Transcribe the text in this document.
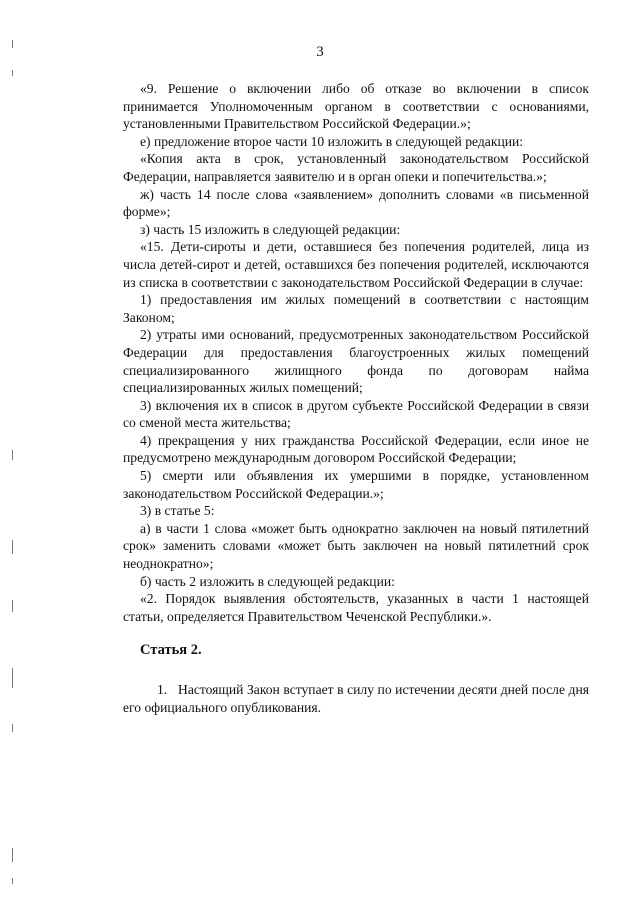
3

«9. Решение о включении либо об отказе во включении в список принимается Уполномоченным органом в соответствии с основаниями, установленными Правительством Российской Федерации.»;

е) предложение второе части 10 изложить в следующей редакции:

«Копия акта в срок, установленный законодательством Российской Федерации, направляется заявителю и в орган опеки и попечительства.»;

ж) часть 14 после слова «заявлением» дополнить словами «в письменной форме»;

з) часть 15 изложить в следующей редакции:

«15. Дети-сироты и дети, оставшиеся без попечения родителей, лица из числа детей-сирот и детей, оставшихся без попечения родителей, исключаются из списка в соответствии с законодательством Российской Федерации в случае:

1) предоставления им жилых помещений в соответствии с настоящим Законом;

2) утраты ими оснований, предусмотренных законодательством Российской Федерации для предоставления благоустроенных жилых помещений специализированного жилищного фонда по договорам найма специализированных жилых помещений;

3) включения их в список в другом субъекте Российской Федерации в связи со сменой места жительства;

4) прекращения у них гражданства Российской Федерации, если иное не предусмотрено международным договором Российской Федерации;

5) смерти или объявления их умершими в порядке, установленном законодательством Российской Федерации.»;

3) в статье 5:

а) в части 1 слова «может быть однократно заключен на новый пятилетний срок» заменить словами «может быть заключен на новый пятилетний срок неоднократно»;

б) часть 2 изложить в следующей редакции:

«2. Порядок выявления обстоятельств, указанных в части 1 настоящей статьи, определяется Правительством Чеченской Республики.».

Статья 2.

1. Настоящий Закон вступает в силу по истечении десяти дней после дня его официального опубликования.
